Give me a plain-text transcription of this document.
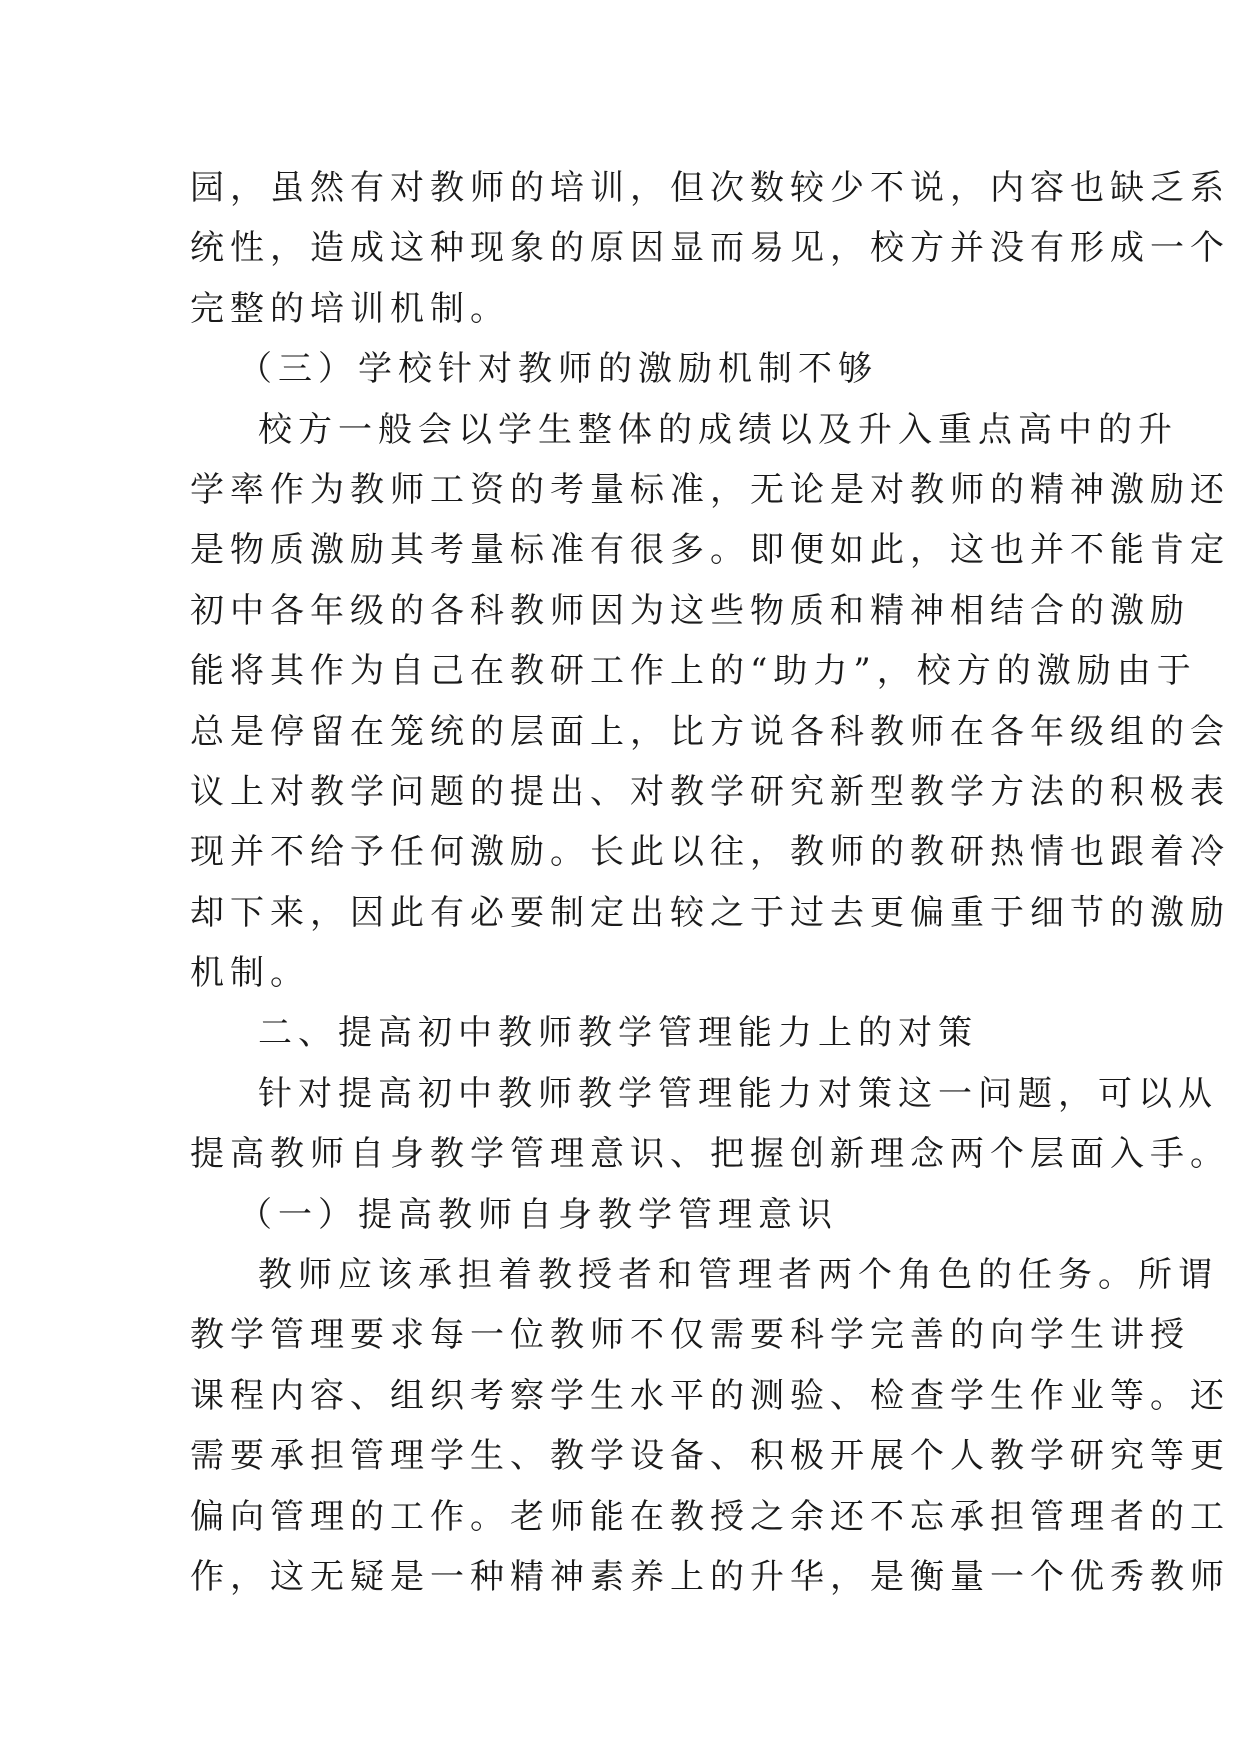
园，虽然有对教师的培训，但次数较少不说，内容也缺乏系
统性，造成这种现象的原因显而易见，校方并没有形成一个
完整的培训机制。
（三）学校针对教师的激励机制不够
校方一般会以学生整体的成绩以及升入重点高中的升
学率作为教师工资的考量标准，无论是对教师的精神激励还
是物质激励其考量标准有很多。即便如此，这也并不能肯定
初中各年级的各科教师因为这些物质和精神相结合的激励
能将其作为自己在教研工作上的“助力”，校方的激励由于
总是停留在笼统的层面上，比方说各科教师在各年级组的会
议上对教学问题的提出、对教学研究新型教学方法的积极表
现并不给予任何激励。长此以往，教师的教研热情也跟着冷
却下来，因此有必要制定出较之于过去更偏重于细节的激励
机制。
二、提高初中教师教学管理能力上的对策
针对提高初中教师教学管理能力对策这一问题，可以从
提高教师自身教学管理意识、把握创新理念两个层面入手。
（一）提高教师自身教学管理意识
教师应该承担着教授者和管理者两个角色的任务。所谓
教学管理要求每一位教师不仅需要科学完善的向学生讲授
课程内容、组织考察学生水平的测验、检查学生作业等。还
需要承担管理学生、教学设备、积极开展个人教学研究等更
偏向管理的工作。老师能在教授之余还不忘承担管理者的工
作，这无疑是一种精神素养上的升华，是衡量一个优秀教师
